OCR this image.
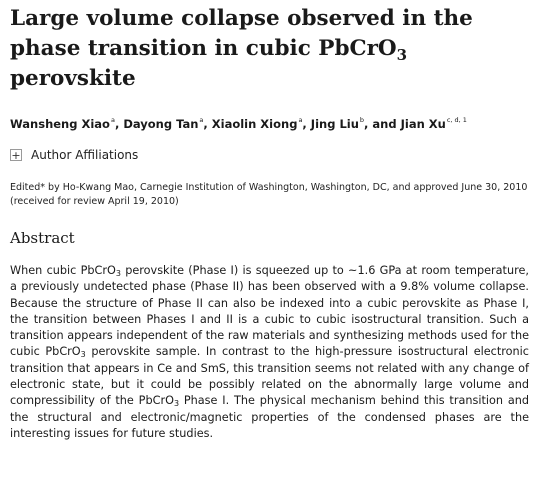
Large volume collapse observed in the phase transition in cubic PbCrO$_3$ perovskite
Wansheng Xiao$^a$, Dayong Tan$^a$, Xiaolin Xiong$^a$, Jing Liu$^b$, and Jian Xu$^{c, d, 1}$
+ Author Affiliations
Edited* by Ho-Kwang Mao, Carnegie Institution of Washington, Washington, DC, and approved June 30, 2010 (received for review April 19, 2010)
Abstract
When cubic PbCrO$_3$ perovskite (Phase I) is squeezed up to ~1.6 GPa at room temperature, a previously undetected phase (Phase II) has been observed with a 9.8% volume collapse. Because the structure of Phase II can also be indexed into a cubic perovskite as Phase I, the transition between Phases I and II is a cubic to cubic isostructural transition. Such a transition appears independent of the raw materials and synthesizing methods used for the cubic PbCrO$_3$ perovskite sample. In contrast to the high-pressure isostructural electronic transition that appears in Ce and SmS, this transition seems not related with any change of electronic state, but it could be possibly related on the abnormally large volume and compressibility of the PbCrO$_3$ Phase I. The physical mechanism behind this transition and the structural and electronic/magnetic properties of the condensed phases are the interesting issues for future studies.
